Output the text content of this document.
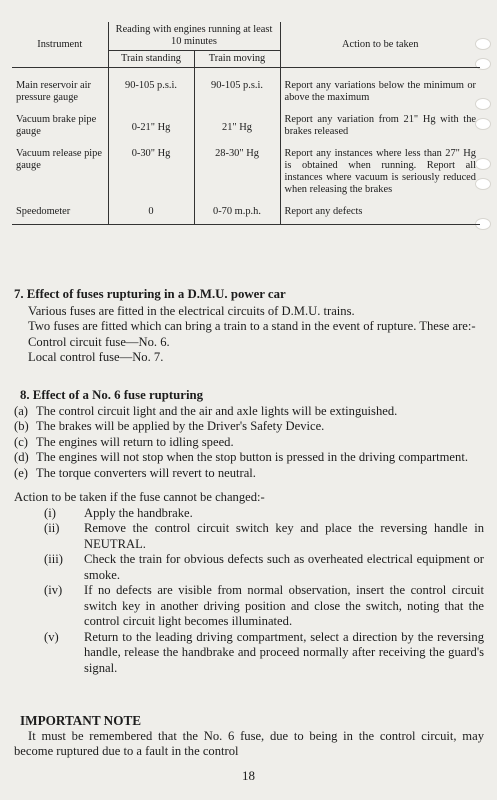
Instrument	Reading with engines running at least 10 minutes		Action to be taken
	Train standing	Train moving	
Main reservoir air pressure gauge	90-105 p.s.i.	90-105 p.s.i.	Report any variations below the minimum or above the maximum
Vacuum brake pipe gauge	0-21" Hg	21" Hg	Report any variation from 21" Hg with the brakes released
Vacuum release pipe gauge	0-30" Hg	28-30" Hg	Report any instances where less than 27" Hg is obtained when running. Report all instances where vacuum is seriously reduced when releasing the brakes
Speedometer	0	0-70 m.p.h.	Report any defects
7. Effect of fuses rupturing in a D.M.U. power car

Various fuses are fitted in the electrical circuits of D.M.U. trains.

Two fuses are fitted which can bring a train to a stand in the event of rupture. These are:-

Control circuit fuse—No. 6.
Local control fuse—No. 7.
8. Effect of a No. 6 fuse rupturing
(a) The control circuit light and the air and axle lights will be extinguished.
(b) The brakes will be applied by the Driver's Safety Device.
(c) The engines will return to idling speed.
(d) The engines will not stop when the stop button is pressed in the driving compartment.
(e) The torque converters will revert to neutral.
Action to be taken if the fuse cannot be changed:-
(i)	Apply the handbrake.
(ii)	Remove the control circuit switch key and place the reversing handle in NEUTRAL.
(iii)	Check the train for obvious defects such as overheated electrical equipment or smoke.
(iv)	If no defects are visible from normal observation, insert the control circuit switch key in another driving position and close the switch, noting that the control circuit light becomes illuminated.
(v)	Return to the leading driving compartment, select a direction by the reversing handle, release the handbrake and proceed normally after receiving the guard's signal.
IMPORTANT NOTE

It must be remembered that the No. 6 fuse, due to being in the control circuit, may become ruptured due to a fault in the control

18
